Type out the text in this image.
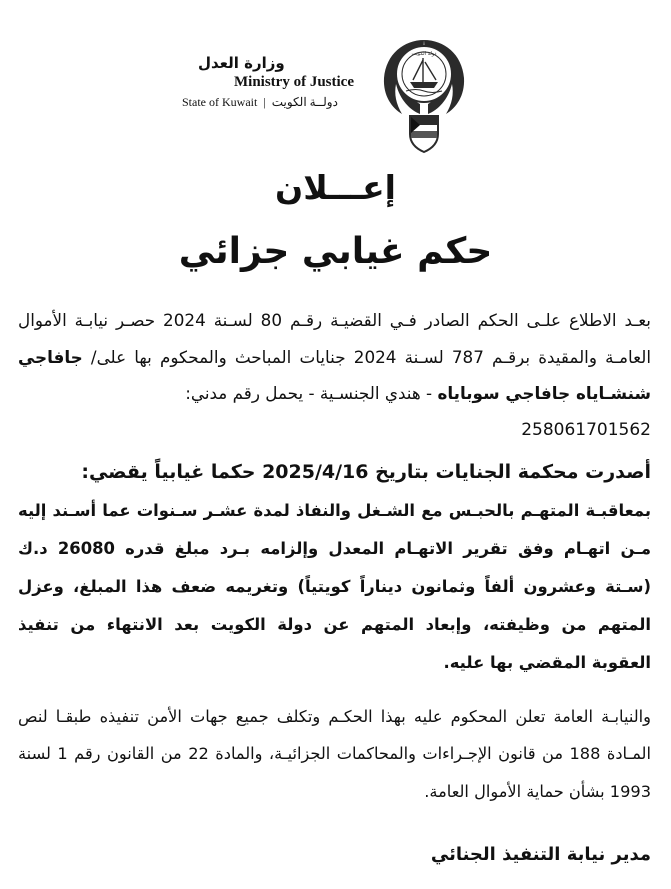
وزارة العدل
Ministry of Justice
State of Kuwait | دولــة الكويت
دولة الكويت
إعـــلان
حكم غيابي جزائي

بعـد الاطلاع علـى الحكم الصادر فـي القضيـة رقـم 80 لسـنة 2024 حصـر نيابـة الأموال العامـة والمقيدة برقـم 787 لسـنة 2024 جنايات المباحث والمحكوم بها على/ جافاجي شنشـاياه جافاجي سوباياه - هندي الجنسـية - يحمل رقم مدني:

258061701562
أصدرت محكمة الجنايات بتاريخ 2025/4/16 حكما غيابياً يقضي:

بمعاقبـة المتهـم بالحبـس مع الشـغل والنفاذ لمدة عشـر سـنوات عما أسـند إليه مـن اتهـام وفق تقرير الاتهـام المعدل وإلزامه بـرد مبلغ قدره 26080 د.ك (سـتة وعشرون ألفاً وثمانون ديناراً كويتياً) وتغريمه ضعف هذا المبلغ، وعزل المتهم من وظيفته، وإبعاد المتهم عن دولة الكويت بعد الانتهاء من تنفيذ العقوبة المقضي بها عليه.

والنيابـة العامة تعلن المحكوم عليه بهذا الحكـم وتكلف جميع جهات الأمن تنفيذه طبقـا لنص المـادة 188 من قانون الإجـراءات والمحاكمات الجزائيـة، والمادة 22 من القانون رقم 1 لسنة 1993 بشأن حماية الأموال العامة.

مدير نيابة التنفيذ الجنائي
